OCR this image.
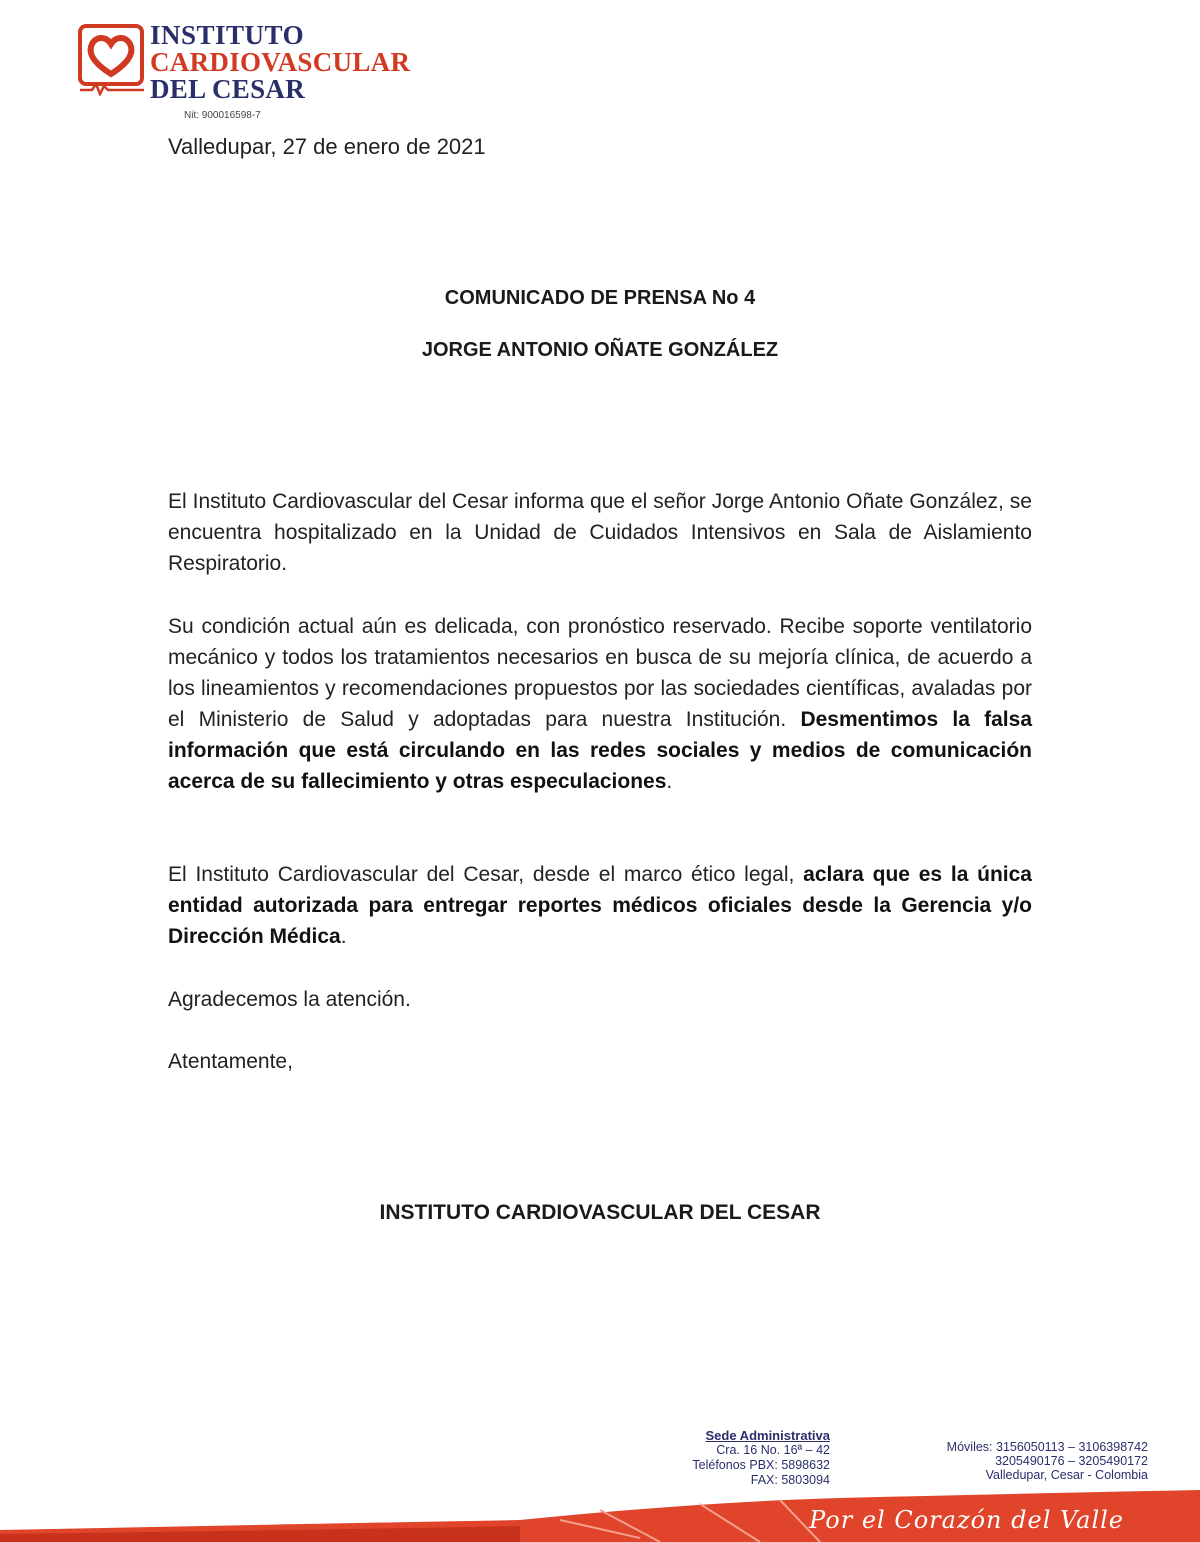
INSTITUTO
CARDIOVASCULAR
DEL CESAR
Nit: 900016598-7
Valledupar, 27 de enero de 2021
COMUNICADO DE PRENSA No 4
JORGE ANTONIO OÑATE GONZÁLEZ
El Instituto Cardiovascular del Cesar informa que el señor Jorge Antonio Oñate González, se encuentra hospitalizado en la Unidad de Cuidados Intensivos en Sala de Aislamiento Respiratorio.
Su condición actual aún es delicada, con pronóstico reservado. Recibe soporte ventilatorio mecánico y todos los tratamientos necesarios en busca de su mejoría clínica, de acuerdo a los lineamientos y recomendaciones propuestos por las sociedades científicas, avaladas por el Ministerio de Salud y adoptadas para nuestra Institución. Desmentimos la falsa información que está circulando en las redes sociales y medios de comunicación acerca de su fallecimiento y otras especulaciones.
El Instituto Cardiovascular del Cesar, desde el marco ético legal, aclara que es la única entidad autorizada para entregar reportes médicos oficiales desde la Gerencia y/o Dirección Médica.
Agradecemos la atención.
Atentamente,
INSTITUTO CARDIOVASCULAR DEL CESAR
Sede Administrativa
Cra. 16 No. 16ª – 42
Teléfonos PBX: 5898632
FAX: 5803094
Móviles: 3156050113 – 3106398742
3205490176 – 3205490172
Valledupar, Cesar - Colombia
Por el Corazón del Valle
